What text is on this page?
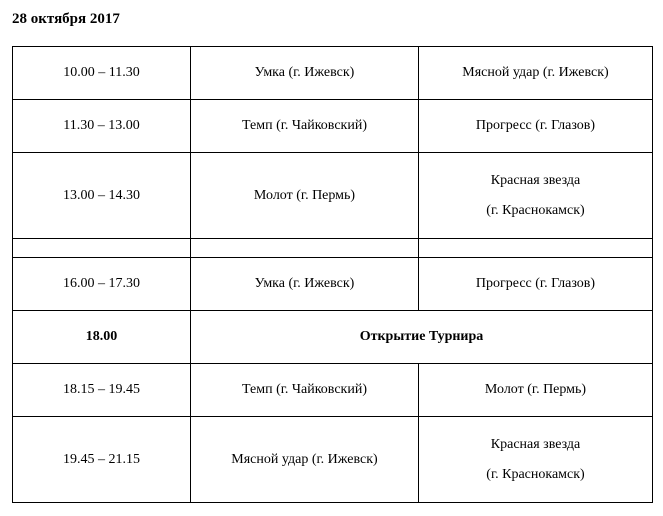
28 октября 2017

10.00 – 11.30	Умка (г. Ижевск)	Мясной удар (г. Ижевск)
11.30 – 13.00	Темп (г. Чайковский)	Прогресс (г. Глазов)
13.00 – 14.30	Молот (г. Пермь)	Красная звезда
(г. Краснокамск)

16.00 – 17.30	Умка (г. Ижевск)	Прогресс (г. Глазов)
18.00	Открытие Турнира	
18.15 – 19.45	Темп (г. Чайковский)	Молот (г. Пермь)
19.45 – 21.15	Мясной удар (г. Ижевск)	Красная звезда
(г. Краснокамск)
